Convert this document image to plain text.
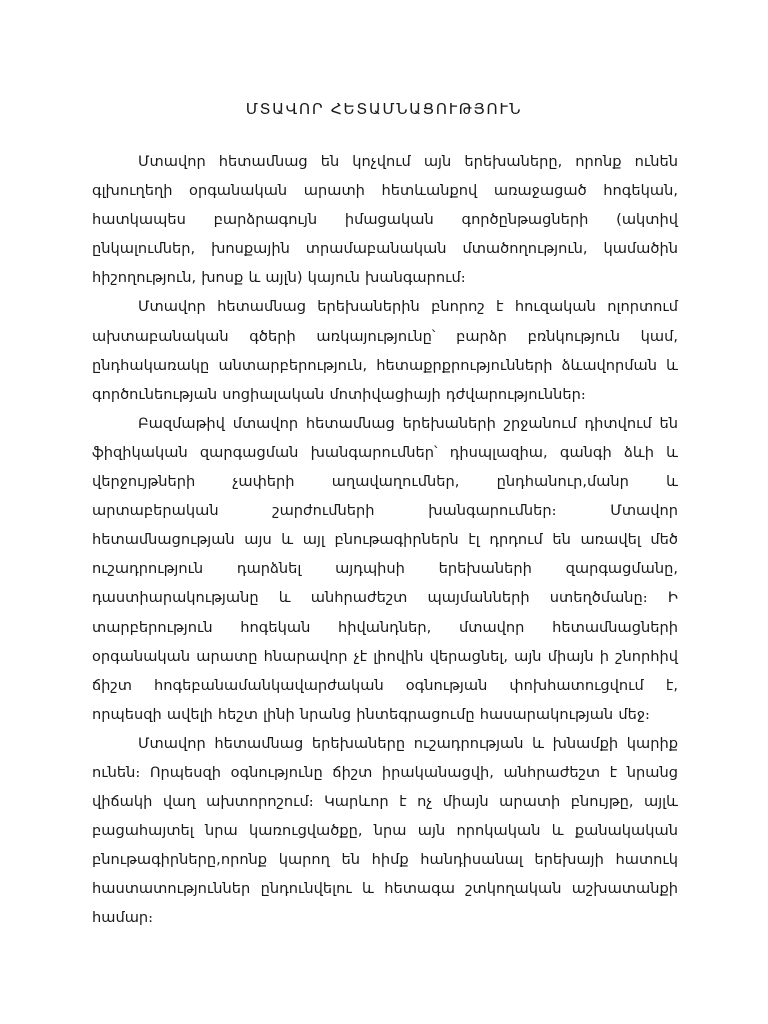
ՄՏԱՎՈՐ ՀԵՏԱՄՆԱՑՈՒԹՅՈՒՆ

Մտավոր հետամնաց են կոչվում այն երեխաները, որոնք ունեն գլխուղեղի օրգանական արատի հետևանքով առաջացած հոգեկան, հատկապես բարձրագույն իմացական գործընթացների (ակտիվ ընկալումներ, խոսքային տրամաբանական մտածողություն, կամածին հիշողություն, խոսք և այլն) կայուն խանգարում։

Մտավոր հետամնաց երեխաներին բնորոշ է հուզական ոլորտում ախտաբանական գծերի առկայությունը՝ բարձր բռնկություն կամ, ընդհակառակը անտարբերություն, հետաքրքրությունների ձևավորման և գործունեության սոցիալական մոտիվացիայի դժվարություններ։

Բազմաթիվ մտավոր հետամնաց երեխաների շրջանում դիտվում են ֆիզիկական զարգացման խանգարումներ՝ դիսպլազիա, գանգի ձևի և վերջույթների չափերի աղավաղումներ, ընդհանուր,մանր և արտաբերական շարժումների խանգարումներ։ Մտավոր հետամնացության այս և այլ բնութագիրներն էլ դրդում են առավել մեծ ուշադրություն դարձնել այդպիսի երեխաների զարգացմանը, դաստիարակությանը և անհրաժեշտ պայմանների ստեղծմանը։ Ի տարբերություն հոգեկան հիվանդներ, մտավոր հետամնացների օրգանական արատը հնարավոր չէ լիովին վերացնել, այն միայն ի շնորհիվ ճիշտ հոգեբանամանկավարժական օգնության փոխհատուցվում է, որպեսզի ավելի հեշտ լինի նրանց ինտեգրացումը հասարակության մեջ։

Մտավոր հետամնաց երեխաները ուշադրության և խնամքի կարիք ունեն։ Որպեսզի օգնությունը ճիշտ իրականացվի, անհրաժեշտ է նրանց վիճակի վաղ ախտորոշում։ Կարևոր է ոչ միայն արատի բնույթը, այլև բացահայտել նրա կառուցվածքը, նրա այն որոկական և քանակական բնութագիրները,որոնք կարող են հիմք հանդիսանալ երեխայի հատուկ հաստատություններ ընդունվելու և հետագա շտկողական աշխատանքի համար։
